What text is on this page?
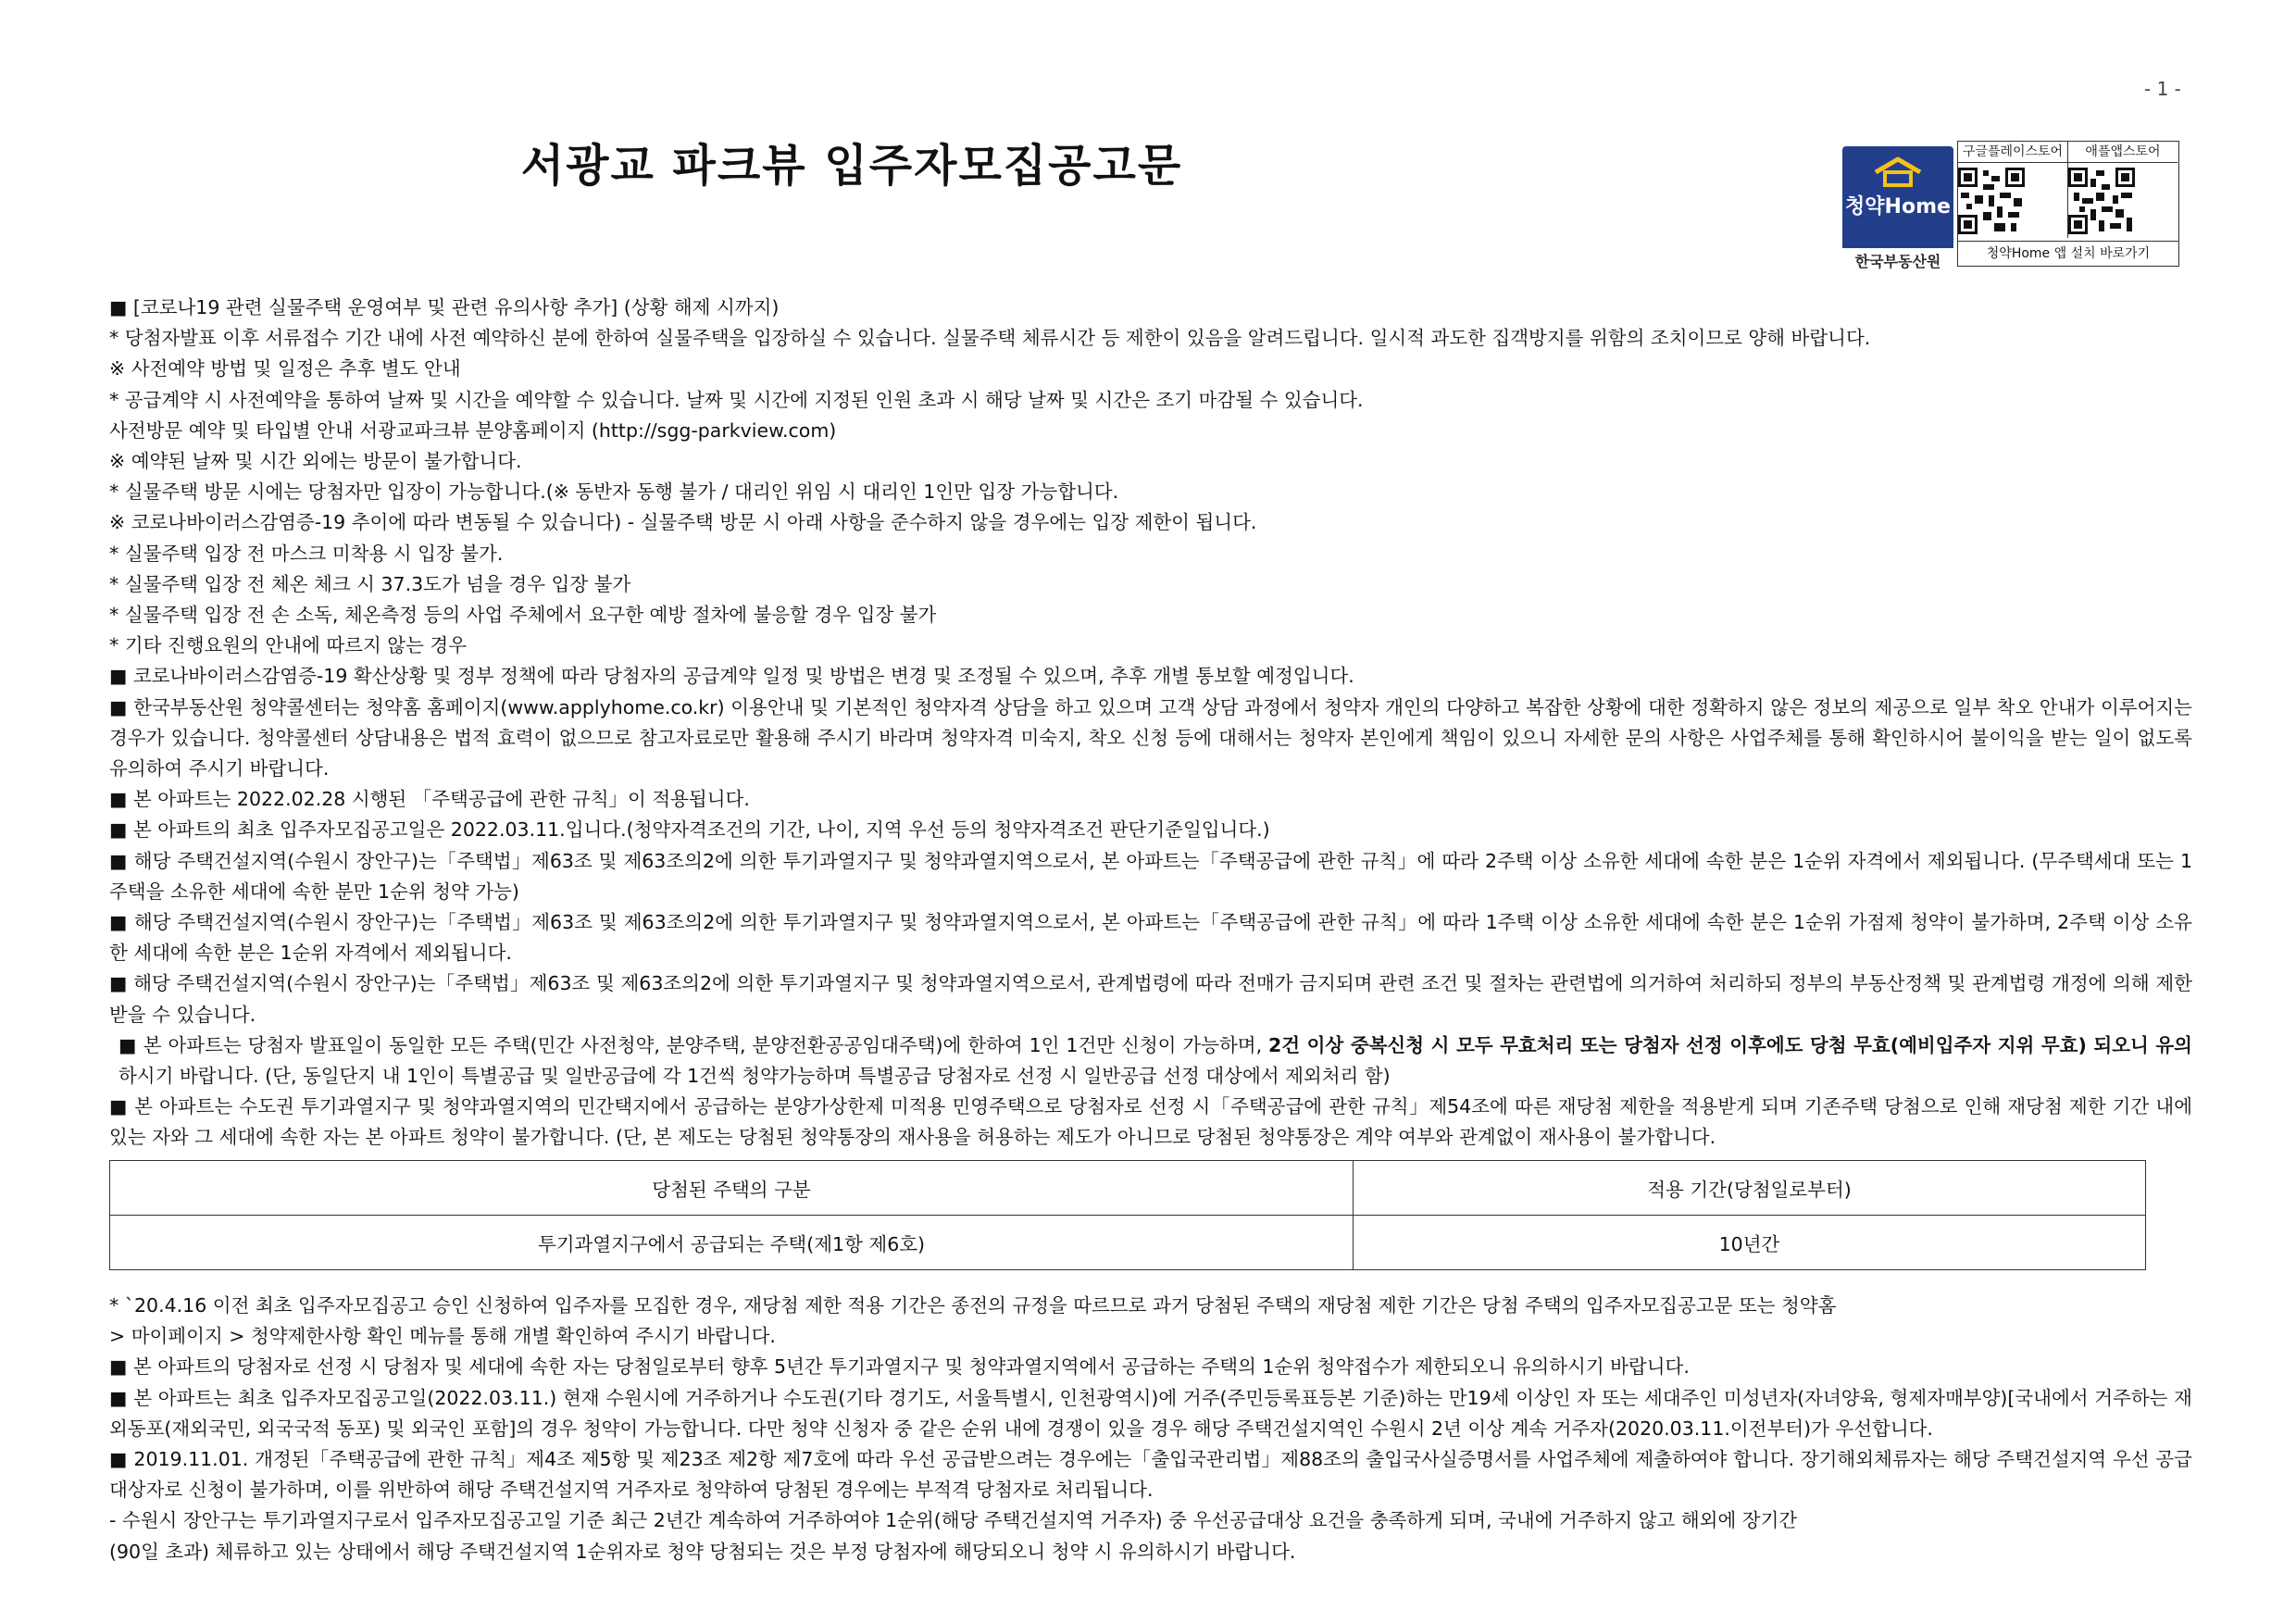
- 1 -
서광교 파크뷰 입주자모집공고문
청약Home
한국부동산원
구글플레이스토어	애플앱스토어
청약Home 앱 설치 바로가기
■ [코로나19 관련 실물주택 운영여부 및 관련 유의사항 추가] (상황 해제 시까지)
* 당첨자발표 이후 서류접수 기간 내에 사전 예약하신 분에 한하여 실물주택을 입장하실 수 있습니다. 실물주택 체류시간 등 제한이 있음을 알려드립니다. 일시적 과도한 집객방지를 위함의 조치이므로 양해 바랍니다.
※ 사전예약 방법 및 일정은 추후 별도 안내
* 공급계약 시 사전예약을 통하여 날짜 및 시간을 예약할 수 있습니다. 날짜 및 시간에 지정된 인원 초과 시 해당 날짜 및 시간은 조기 마감될 수 있습니다.
사전방문 예약 및 타입별 안내 서광교파크뷰 분양홈페이지 (http://sgg-parkview.com)
※ 예약된 날짜 및 시간 외에는 방문이 불가합니다.
* 실물주택 방문 시에는 당첨자만 입장이 가능합니다.(※ 동반자 동행 불가 / 대리인 위임 시 대리인 1인만 입장 가능합니다.
※ 코로나바이러스감염증-19 추이에 따라 변동될 수 있습니다) - 실물주택 방문 시 아래 사항을 준수하지 않을 경우에는 입장 제한이 됩니다.
* 실물주택 입장 전 마스크 미착용 시 입장 불가.
* 실물주택 입장 전 체온 체크 시 37.3도가 넘을 경우 입장 불가
* 실물주택 입장 전 손 소독, 체온측정 등의 사업 주체에서 요구한 예방 절차에 불응할 경우 입장 불가
* 기타 진행요원의 안내에 따르지 않는 경우
■ 코로나바이러스감염증-19 확산상황 및 정부 정책에 따라 당첨자의 공급계약 일정 및 방법은 변경 및 조정될 수 있으며, 추후 개별 통보할 예정입니다.
■ 한국부동산원 청약콜센터는 청약홈 홈페이지(www.applyhome.co.kr) 이용안내 및 기본적인 청약자격 상담을 하고 있으며 고객 상담 과정에서 청약자 개인의 다양하고 복잡한 상황에 대한 정확하지 않은 정보의 제공으로 일부 착오 안내가 이루어지는 경우가 있습니다. 청약콜센터 상담내용은 법적 효력이 없으므로 참고자료로만 활용해 주시기 바라며 청약자격 미숙지, 착오 신청 등에 대해서는 청약자 본인에게 책임이 있으니 자세한 문의 사항은 사업주체를 통해 확인하시어 불이익을 받는 일이 없도록 유의하여 주시기 바랍니다.
■ 본 아파트는 2022.02.28 시행된 「주택공급에 관한 규칙」이 적용됩니다.
■ 본 아파트의 최초 입주자모집공고일은 2022.03.11.입니다.(청약자격조건의 기간, 나이, 지역 우선 등의 청약자격조건 판단기준일입니다.)
■ 해당 주택건설지역(수원시 장안구)는「주택법」제63조 및 제63조의2에 의한 투기과열지구 및 청약과열지역으로서, 본 아파트는「주택공급에 관한 규칙」에 따라 2주택 이상 소유한 세대에 속한 분은 1순위 자격에서 제외됩니다. (무주택세대 또는 1주택을 소유한 세대에 속한 분만 1순위 청약 가능)
■ 해당 주택건설지역(수원시 장안구)는「주택법」제63조 및 제63조의2에 의한 투기과열지구 및 청약과열지역으로서, 본 아파트는「주택공급에 관한 규칙」에 따라 1주택 이상 소유한 세대에 속한 분은 1순위 가점제 청약이 불가하며, 2주택 이상 소유한 세대에 속한 분은 1순위 자격에서 제외됩니다.
■ 해당 주택건설지역(수원시 장안구)는「주택법」제63조 및 제63조의2에 의한 투기과열지구 및 청약과열지역으로서, 관계법령에 따라 전매가 금지되며 관련 조건 및 절차는 관련법에 의거하여 처리하되 정부의 부동산정책 및 관계법령 개정에 의해 제한받을 수 있습니다.
■ 본 아파트는 당첨자 발표일이 동일한 모든 주택(민간 사전청약, 분양주택, 분양전환공공임대주택)에 한하여 1인 1건만 신청이 가능하며, 2건 이상 중복신청 시 모두 무효처리 또는 당첨자 선정 이후에도 당첨 무효(예비입주자 지위 무효) 되오니 유의하시기 바랍니다. (단, 동일단지 내 1인이 특별공급 및 일반공급에 각 1건씩 청약가능하며 특별공급 당첨자로 선정 시 일반공급 선정 대상에서 제외처리 함)
■ 본 아파트는 수도권 투기과열지구 및 청약과열지역의 민간택지에서 공급하는 분양가상한제 미적용 민영주택으로 당첨자로 선정 시「주택공급에 관한 규칙」제54조에 따른 재당첨 제한을 적용받게 되며 기존주택 당첨으로 인해 재당첨 제한 기간 내에 있는 자와 그 세대에 속한 자는 본 아파트 청약이 불가합니다. (단, 본 제도는 당첨된 청약통장의 재사용을 허용하는 제도가 아니므로 당첨된 청약통장은 계약 여부와 관계없이 재사용이 불가합니다.
당첨된 주택의 구분	적용 기간(당첨일로부터)
투기과열지구에서 공급되는 주택(제1항 제6호)	10년간
* `20.4.16 이전 최초 입주자모집공고 승인 신청하여 입주자를 모집한 경우, 재당첨 제한 적용 기간은 종전의 규정을 따르므로 과거 당첨된 주택의 재당첨 제한 기간은 당첨 주택의 입주자모집공고문 또는 청약홈
> 마이페이지 > 청약제한사항 확인 메뉴를 통해 개별 확인하여 주시기 바랍니다.
■ 본 아파트의 당첨자로 선정 시 당첨자 및 세대에 속한 자는 당첨일로부터 향후 5년간 투기과열지구 및 청약과열지역에서 공급하는 주택의 1순위 청약접수가 제한되오니 유의하시기 바랍니다.
■ 본 아파트는 최초 입주자모집공고일(2022.03.11.) 현재 수원시에 거주하거나 수도권(기타 경기도, 서울특별시, 인천광역시)에 거주(주민등록표등본 기준)하는 만19세 이상인 자 또는 세대주인 미성년자(자녀양육, 형제자매부양)[국내에서 거주하는 재외동포(재외국민, 외국국적 동포) 및 외국인 포함]의 경우 청약이 가능합니다. 다만 청약 신청자 중 같은 순위 내에 경쟁이 있을 경우 해당 주택건설지역인 수원시 2년 이상 계속 거주자(2020.03.11.이전부터)가 우선합니다.
■ 2019.11.01. 개정된「주택공급에 관한 규칙」제4조 제5항 및 제23조 제2항 제7호에 따라 우선 공급받으려는 경우에는「출입국관리법」제88조의 출입국사실증명서를 사업주체에 제출하여야 합니다. 장기해외체류자는 해당 주택건설지역 우선 공급 대상자로 신청이 불가하며, 이를 위반하여 해당 주택건설지역 거주자로 청약하여 당첨된 경우에는 부적격 당첨자로 처리됩니다.
- 수원시 장안구는 투기과열지구로서 입주자모집공고일 기준 최근 2년간 계속하여 거주하여야 1순위(해당 주택건설지역 거주자) 중 우선공급대상 요건을 충족하게 되며, 국내에 거주하지 않고 해외에 장기간
(90일 초과) 체류하고 있는 상태에서 해당 주택건설지역 1순위자로 청약 당첨되는 것은 부정 당첨자에 해당되오니 청약 시 유의하시기 바랍니다.
